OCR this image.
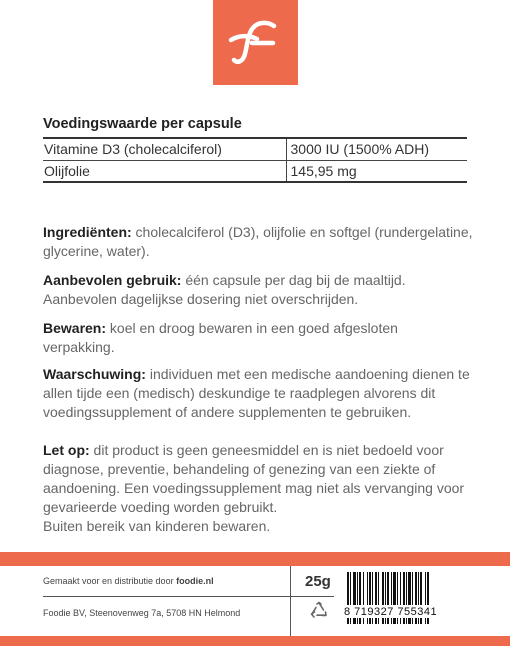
Voedingswaarde per capsule
Vitamine D3 (cholecalciferol)	3000 IU (1500% ADH)
Olijfolie	145,95 mg
Ingrediënten: cholecalciferol (D3), olijfolie en softgel (rundergelatine, glycerine, water).
Aanbevolen gebruik: één capsule per dag bij de maaltijd. Aanbevolen dagelijkse dosering niet overschrijden.
Bewaren: koel en droog bewaren in een goed afgesloten verpakking.
Waarschuwing: individuen met een medische aandoening dienen te allen tijde een (medisch) deskundige te raadplegen alvorens dit voedingssupplement of andere supplementen te gebruiken.
Let op: dit product is geen geneesmiddel en is niet bedoeld voor diagnose, preventie, behandeling of genezing van een ziekte of aandoening. Een voedingssupplement mag niet als vervanging voor gevarieerde voeding worden gebruikt.
Buiten bereik van kinderen bewaren.
Gemaakt voor en distributie door foodie.nl
Foodie BV, Steenovenweg 7a, 5708 HN Helmond
25g
8 719327 755341
